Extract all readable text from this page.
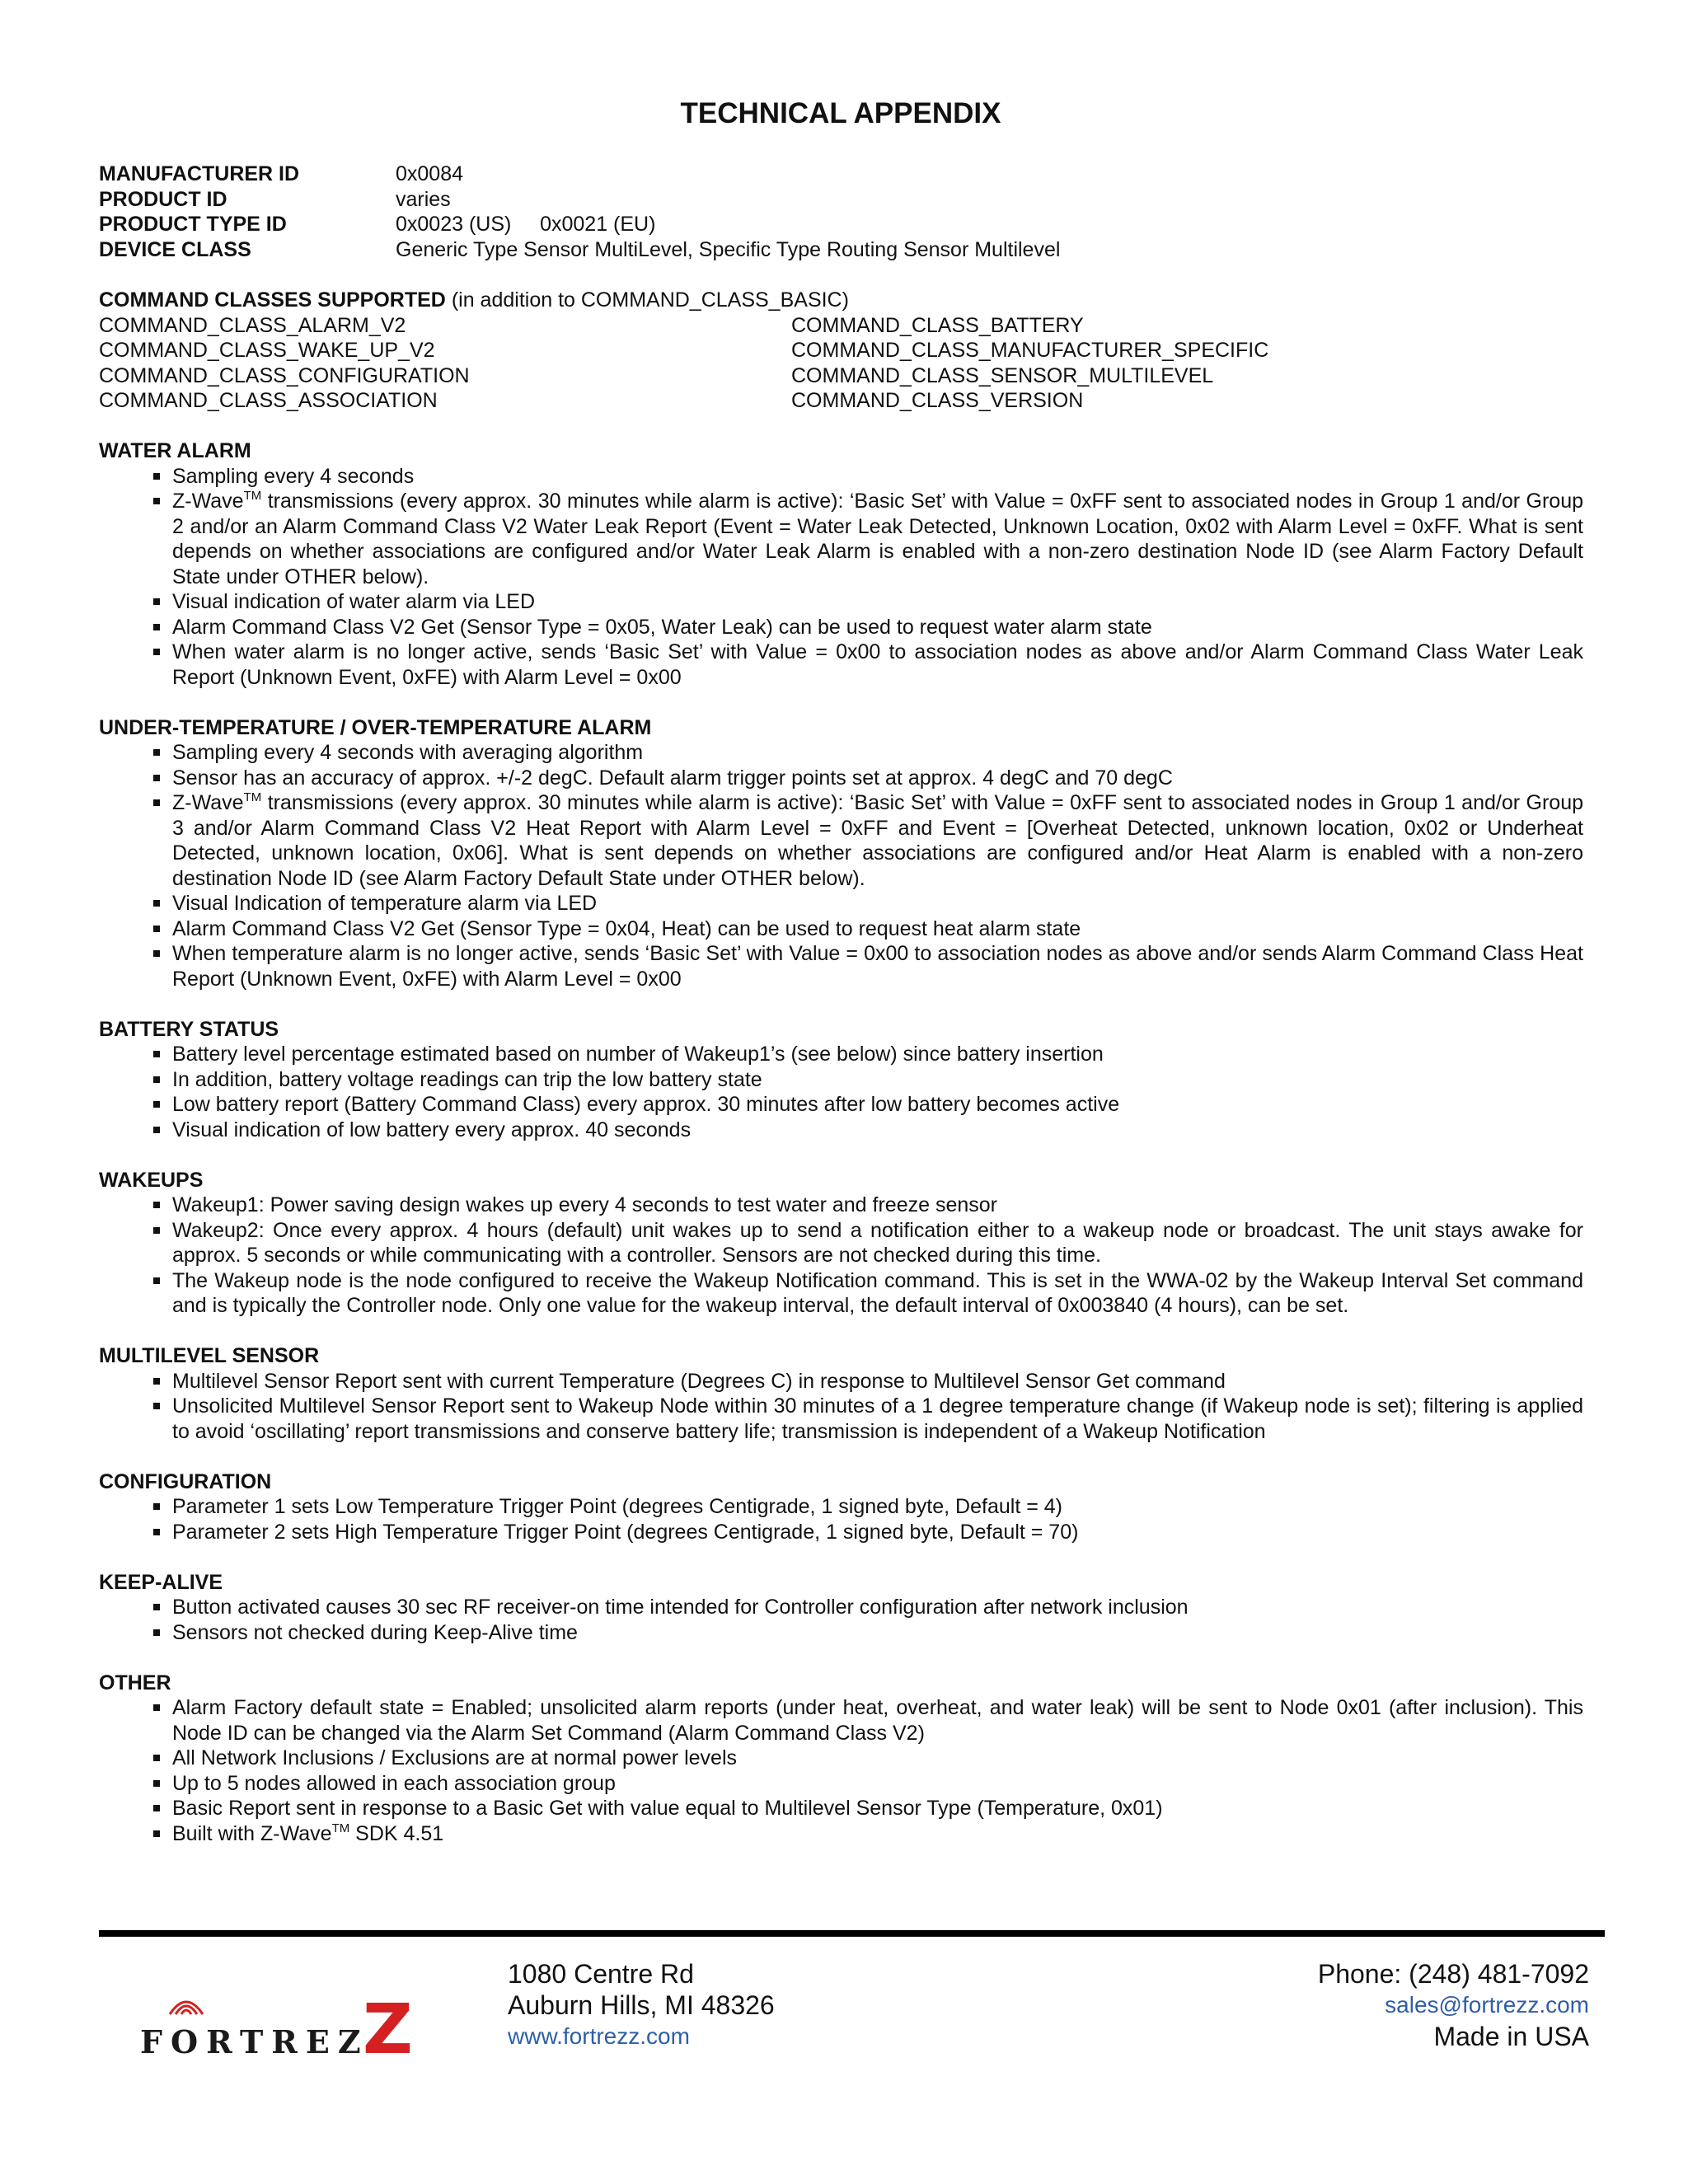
TECHNICAL APPENDIX
MANUFACTURER ID	0x0084
PRODUCT ID	varies
PRODUCT TYPE ID	0x0023 (US)     0x0021 (EU)
DEVICE CLASS	Generic Type Sensor MultiLevel, Specific Type Routing Sensor Multilevel
COMMAND CLASSES SUPPORTED (in addition to COMMAND_CLASS_BASIC)
COMMAND_CLASS_ALARM_V2	COMMAND_CLASS_BATTERY
COMMAND_CLASS_WAKE_UP_V2	COMMAND_CLASS_MANUFACTURER_SPECIFIC
COMMAND_CLASS_CONFIGURATION	COMMAND_CLASS_SENSOR_MULTILEVEL
COMMAND_CLASS_ASSOCIATION	COMMAND_CLASS_VERSION
WATER ALARM
Sampling every 4 seconds
Z-Wave™ transmissions (every approx. 30 minutes while alarm is active): ‘Basic Set’ with Value = 0xFF sent to associated nodes in Group 1 and/or Group 2 and/or an Alarm Command Class V2 Water Leak Report (Event = Water Leak Detected, Unknown Location, 0x02 with Alarm Level = 0xFF. What is sent depends on whether associations are configured and/or Water Leak Alarm is enabled with a non-zero destination Node ID (see Alarm Factory Default State under OTHER below).
Visual indication of water alarm via LED
Alarm Command Class V2 Get (Sensor Type = 0x05, Water Leak) can be used to request water alarm state
When water alarm is no longer active, sends ‘Basic Set’ with Value = 0x00 to association nodes as above and/or Alarm Command Class Water Leak Report (Unknown Event, 0xFE) with Alarm Level = 0x00
UNDER-TEMPERATURE / OVER-TEMPERATURE ALARM
Sampling every 4 seconds with averaging algorithm
Sensor has an accuracy of approx. +/-2 degC. Default alarm trigger points set at approx. 4 degC and 70 degC
Z-Wave™ transmissions (every approx. 30 minutes while alarm is active): ‘Basic Set’ with Value = 0xFF sent to associated nodes in Group 1 and/or Group 3 and/or Alarm Command Class V2 Heat Report with Alarm Level = 0xFF and Event = [Overheat Detected, unknown location, 0x02 or Underheat Detected, unknown location, 0x06]. What is sent depends on whether associations are configured and/or Heat Alarm is enabled with a non-zero destination Node ID (see Alarm Factory Default State under OTHER below).
Visual Indication of temperature alarm via LED
Alarm Command Class V2 Get (Sensor Type = 0x04, Heat) can be used to request heat alarm state
When temperature alarm is no longer active, sends ‘Basic Set’ with Value = 0x00 to association nodes as above and/or sends Alarm Command Class Heat Report (Unknown Event, 0xFE) with Alarm Level = 0x00
BATTERY STATUS
Battery level percentage estimated based on number of Wakeup1’s (see below) since battery insertion
In addition, battery voltage readings can trip the low battery state
Low battery report (Battery Command Class) every approx. 30 minutes after low battery becomes active
Visual indication of low battery every approx. 40 seconds
WAKEUPS
Wakeup1: Power saving design wakes up every 4 seconds to test water and freeze sensor
Wakeup2: Once every approx. 4 hours (default) unit wakes up to send a notification either to a wakeup node or broadcast. The unit stays awake for approx. 5 seconds or while communicating with a controller. Sensors are not checked during this time.
The Wakeup node is the node configured to receive the Wakeup Notification command. This is set in the WWA-02 by the Wakeup Interval Set command and is typically the Controller node. Only one value for the wakeup interval, the default interval of 0x003840 (4 hours), can be set.
MULTILEVEL SENSOR
Multilevel Sensor Report sent with current Temperature (Degrees C) in response to Multilevel Sensor Get command
Unsolicited Multilevel Sensor Report sent to Wakeup Node within 30 minutes of a 1 degree temperature change (if Wakeup node is set); filtering is applied to avoid ‘oscillating’ report transmissions and conserve battery life; transmission is independent of a Wakeup Notification
CONFIGURATION
Parameter 1 sets Low Temperature Trigger Point (degrees Centigrade, 1 signed byte, Default = 4)
Parameter 2 sets High Temperature Trigger Point (degrees Centigrade, 1 signed byte, Default = 70)
KEEP-ALIVE
Button activated causes 30 sec RF receiver-on time intended for Controller configuration after network inclusion
Sensors not checked during Keep-Alive time
OTHER
Alarm Factory default state = Enabled; unsolicited alarm reports (under heat, overheat, and water leak) will be sent to Node 0x01 (after inclusion). This Node ID can be changed via the Alarm Set Command (Alarm Command Class V2)
All Network Inclusions / Exclusions are at normal power levels
Up to 5 nodes allowed in each association group
Basic Report sent in response to a Basic Get with value equal to Multilevel Sensor Type (Temperature, 0x01)
Built with Z-Wave™ SDK 4.51
FORTREZ
Z
1080 Centre Rd
Auburn Hills, MI 48326
www.fortrezz.com
Phone: (248) 481-7092
sales@fortrezz.com
Made in USA
